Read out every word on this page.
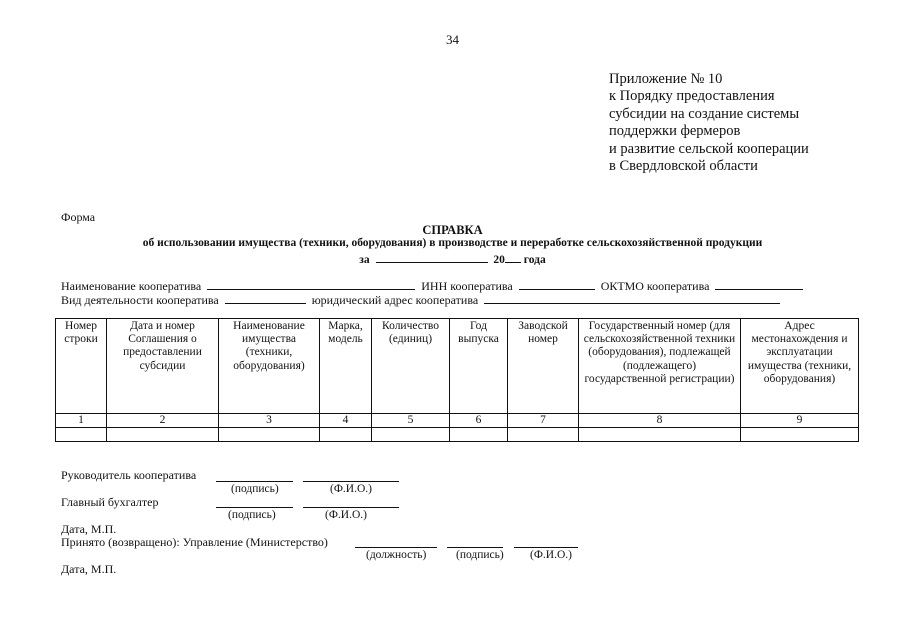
34
Приложение № 10
к Порядку предоставления
субсидии на создание системы
поддержки фермеров
и развитие сельской кооперации
в Свердловской области
Форма
СПРАВКА
об использовании имущества (техники, оборудования) в производстве и переработке сельскохозяйственной продукции
за	20 года
Наименование кооператива	ИНН кооператива	ОКТМО кооператива
Вид деятельности кооператива	юридический адрес кооператива
Номер строки	Дата и номер Соглашения о предоставлении субсидии	Наименование имущества (техники, оборудования)	Марка, модель	Количество (единиц)	Год выпуска	Заводской номер	Государственный номер (для сельскохозяйственной техники (оборудования), подлежащей (подлежащего) государственной регистрации)	Адрес местонахождения и эксплуатации имущества (техники, оборудования)
1	2	3	4	5	6	7	8	9

Руководитель кооператива
(подпись)	(Ф.И.О.)
Главный бухгалтер
(подпись)	(Ф.И.О.)
Дата, М.П.
Принято (возвращено): Управление (Министерство)
(должность)	(подпись) (Ф.И.О.)
Дата, М.П.
